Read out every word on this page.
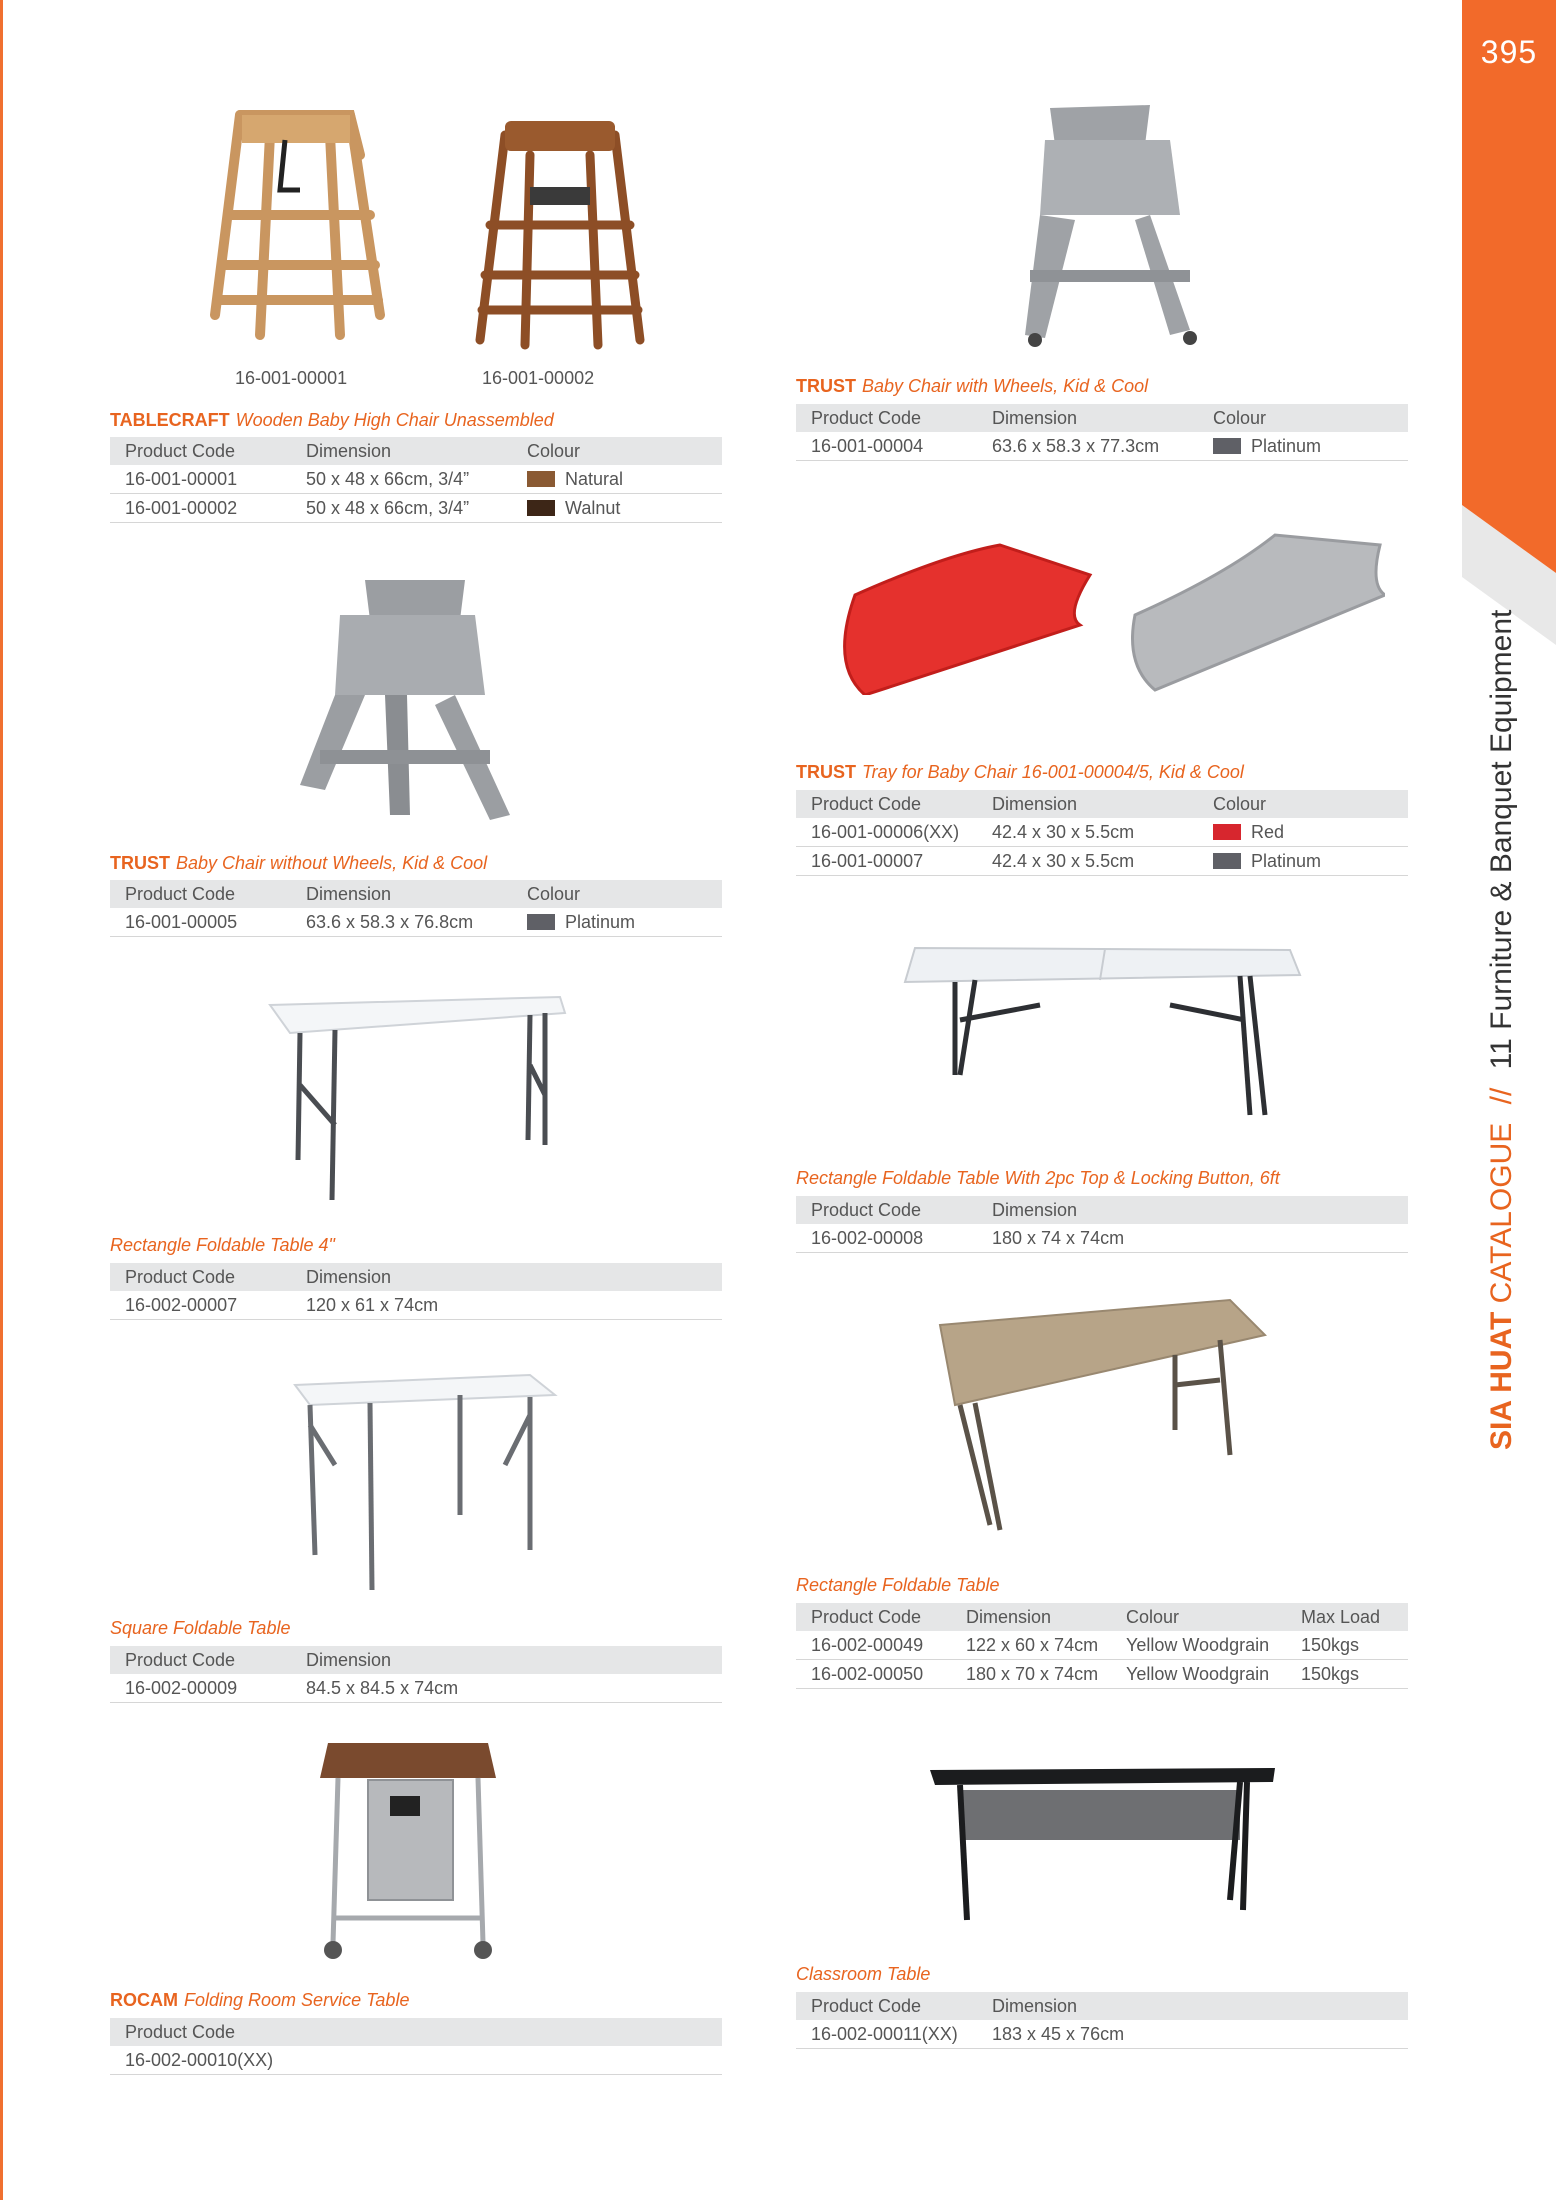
395
SIA HUAT CATALOGUE // 11 Furniture & Banquet Equipment
16-001-00001	16-001-00002
TABLECRAFT Wooden Baby High Chair Unassembled
Product Code	Dimension	Colour
16-001-00001	50 x 48 x 66cm, 3/4”	Natural
16-001-00002	50 x 48 x 66cm, 3/4”	Walnut
TRUST Baby Chair without Wheels, Kid & Cool
Product Code	Dimension	Colour
16-001-00005	63.6 x 58.3 x 76.8cm	Platinum
Rectangle Foldable Table 4"
Product Code	Dimension
16-002-00007	120 x 61 x 74cm
Square Foldable Table
Product Code	Dimension
16-002-00009	84.5 x 84.5 x 74cm
ROCAM Folding Room Service Table
Product Code
16-002-00010(XX)
TRUST Baby Chair with Wheels, Kid & Cool
Product Code	Dimension	Colour
16-001-00004	63.6 x 58.3 x 77.3cm	Platinum
TRUST Tray for Baby Chair 16-001-00004/5, Kid & Cool
Product Code	Dimension	Colour
16-001-00006(XX)	42.4 x 30 x 5.5cm	Red
16-001-00007	42.4 x 30 x 5.5cm	Platinum
Rectangle Foldable Table With 2pc Top & Locking Button, 6ft
Product Code	Dimension
16-002-00008	180 x 74 x 74cm
Rectangle Foldable Table
Product Code	Dimension	Colour	Max Load
16-002-00049	122 x 60 x 74cm	Yellow Woodgrain	150kgs
16-002-00050	180 x 70 x 74cm	Yellow Woodgrain	150kgs
Classroom Table
Product Code	Dimension
16-002-00011(XX)	183 x 45 x 76cm
